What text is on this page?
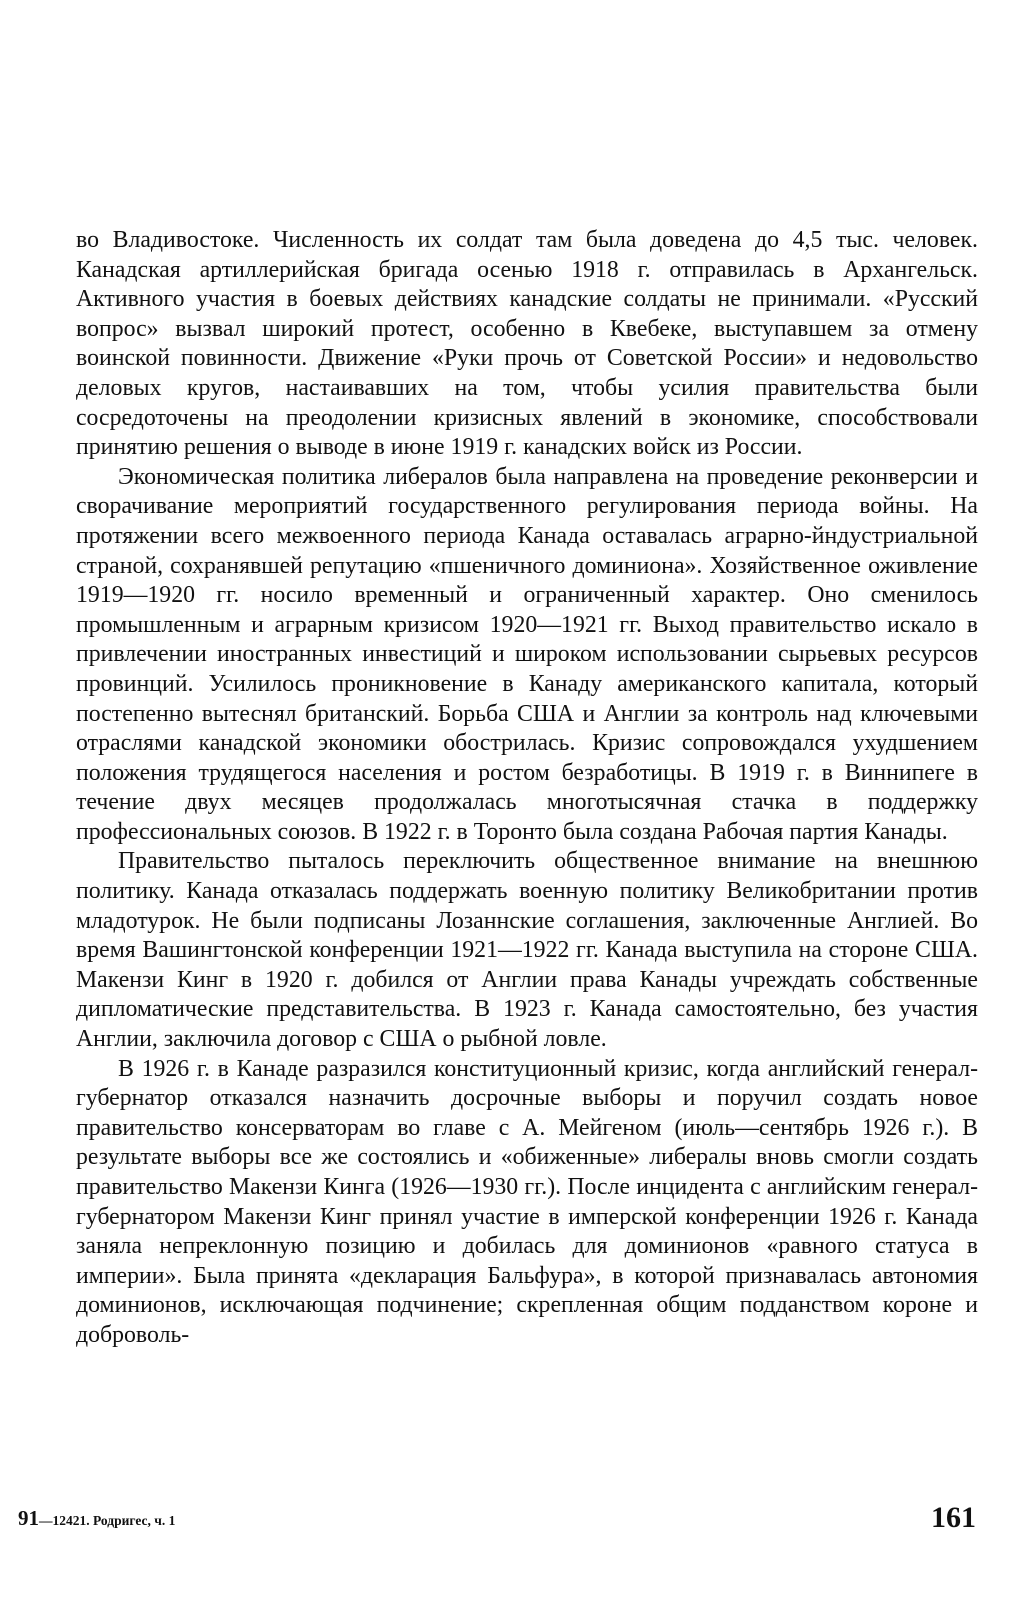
во Владивостоке. Численность их солдат там была доведена до 4,5 тыс. человек. Канадская артиллерийская бригада осенью 1918 г. отправилась в Архангельск. Активного участия в боевых действиях канадские солдаты не принимали. «Русский вопрос» вызвал широкий протест, особенно в Квебеке, выступавшем за отмену воинской повинности. Движение «Руки прочь от Советской России» и недовольство деловых кругов, настаивавших на том, чтобы усилия правительства были сосредоточены на преодолении кризисных явлений в экономике, способствовали принятию решения о выводе в июне 1919 г. канадских войск из России.

Экономическая политика либералов была направлена на проведение реконверсии и сворачивание мероприятий государственного регулирования периода войны. На протяжении всего межвоенного периода Канада оставалась аграрно-йндустриальной страной, сохранявшей репутацию «пшеничного доминиона». Хозяйственное оживление 1919—1920 гг. носило временный и ограниченный характер. Оно сменилось промышленным и аграрным кризисом 1920—1921 гг. Выход правительство искало в привлечении иностранных инвестиций и широком использовании сырьевых ресурсов провинций. Усилилось проникновение в Канаду американского капитала, который постепенно вытеснял британский. Борьба США и Англии за контроль над ключевыми отраслями канадской экономики обострилась. Кризис сопровождался ухудшением положения трудящегося населения и ростом безработицы. В 1919 г. в Виннипеге в течение двух месяцев продолжалась многотысячная стачка в поддержку профессиональных союзов. В 1922 г. в Торонто была создана Рабочая партия Канады.

Правительство пыталось переключить общественное внимание на внешнюю политику. Канада отказалась поддержать военную политику Великобритании против младотурок. Не были подписаны Лозаннские соглашения, заключенные Англией. Во время Вашингтонской конференции 1921—1922 гг. Канада выступила на стороне США. Макензи Кинг в 1920 г. добился от Англии права Канады учреждать собственные дипломатические представительства. В 1923 г. Канада самостоятельно, без участия Англии, заключила договор с США о рыбной ловле.

В 1926 г. в Канаде разразился конституционный кризис, когда английский генерал-губернатор отказался назначить досрочные выборы и поручил создать новое правительство консерваторам во главе с А. Мейгеном (июль—сентябрь 1926 г.). В результате выборы все же состоялись и «обиженные» либералы вновь смогли создать правительство Макензи Кинга (1926—1930 гг.). После инцидента с английским генерал-губернатором Макензи Кинг принял участие в имперской конференции 1926 г. Канада заняла непреклонную позицию и добилась для доминионов «равного статуса в империи». Была принята «декларация Бальфура», в которой признавалась автономия доминионов, исключающая подчинение; скрепленная общим подданством короне и доброволь-

91—12421. Родригес, ч. 1	161
